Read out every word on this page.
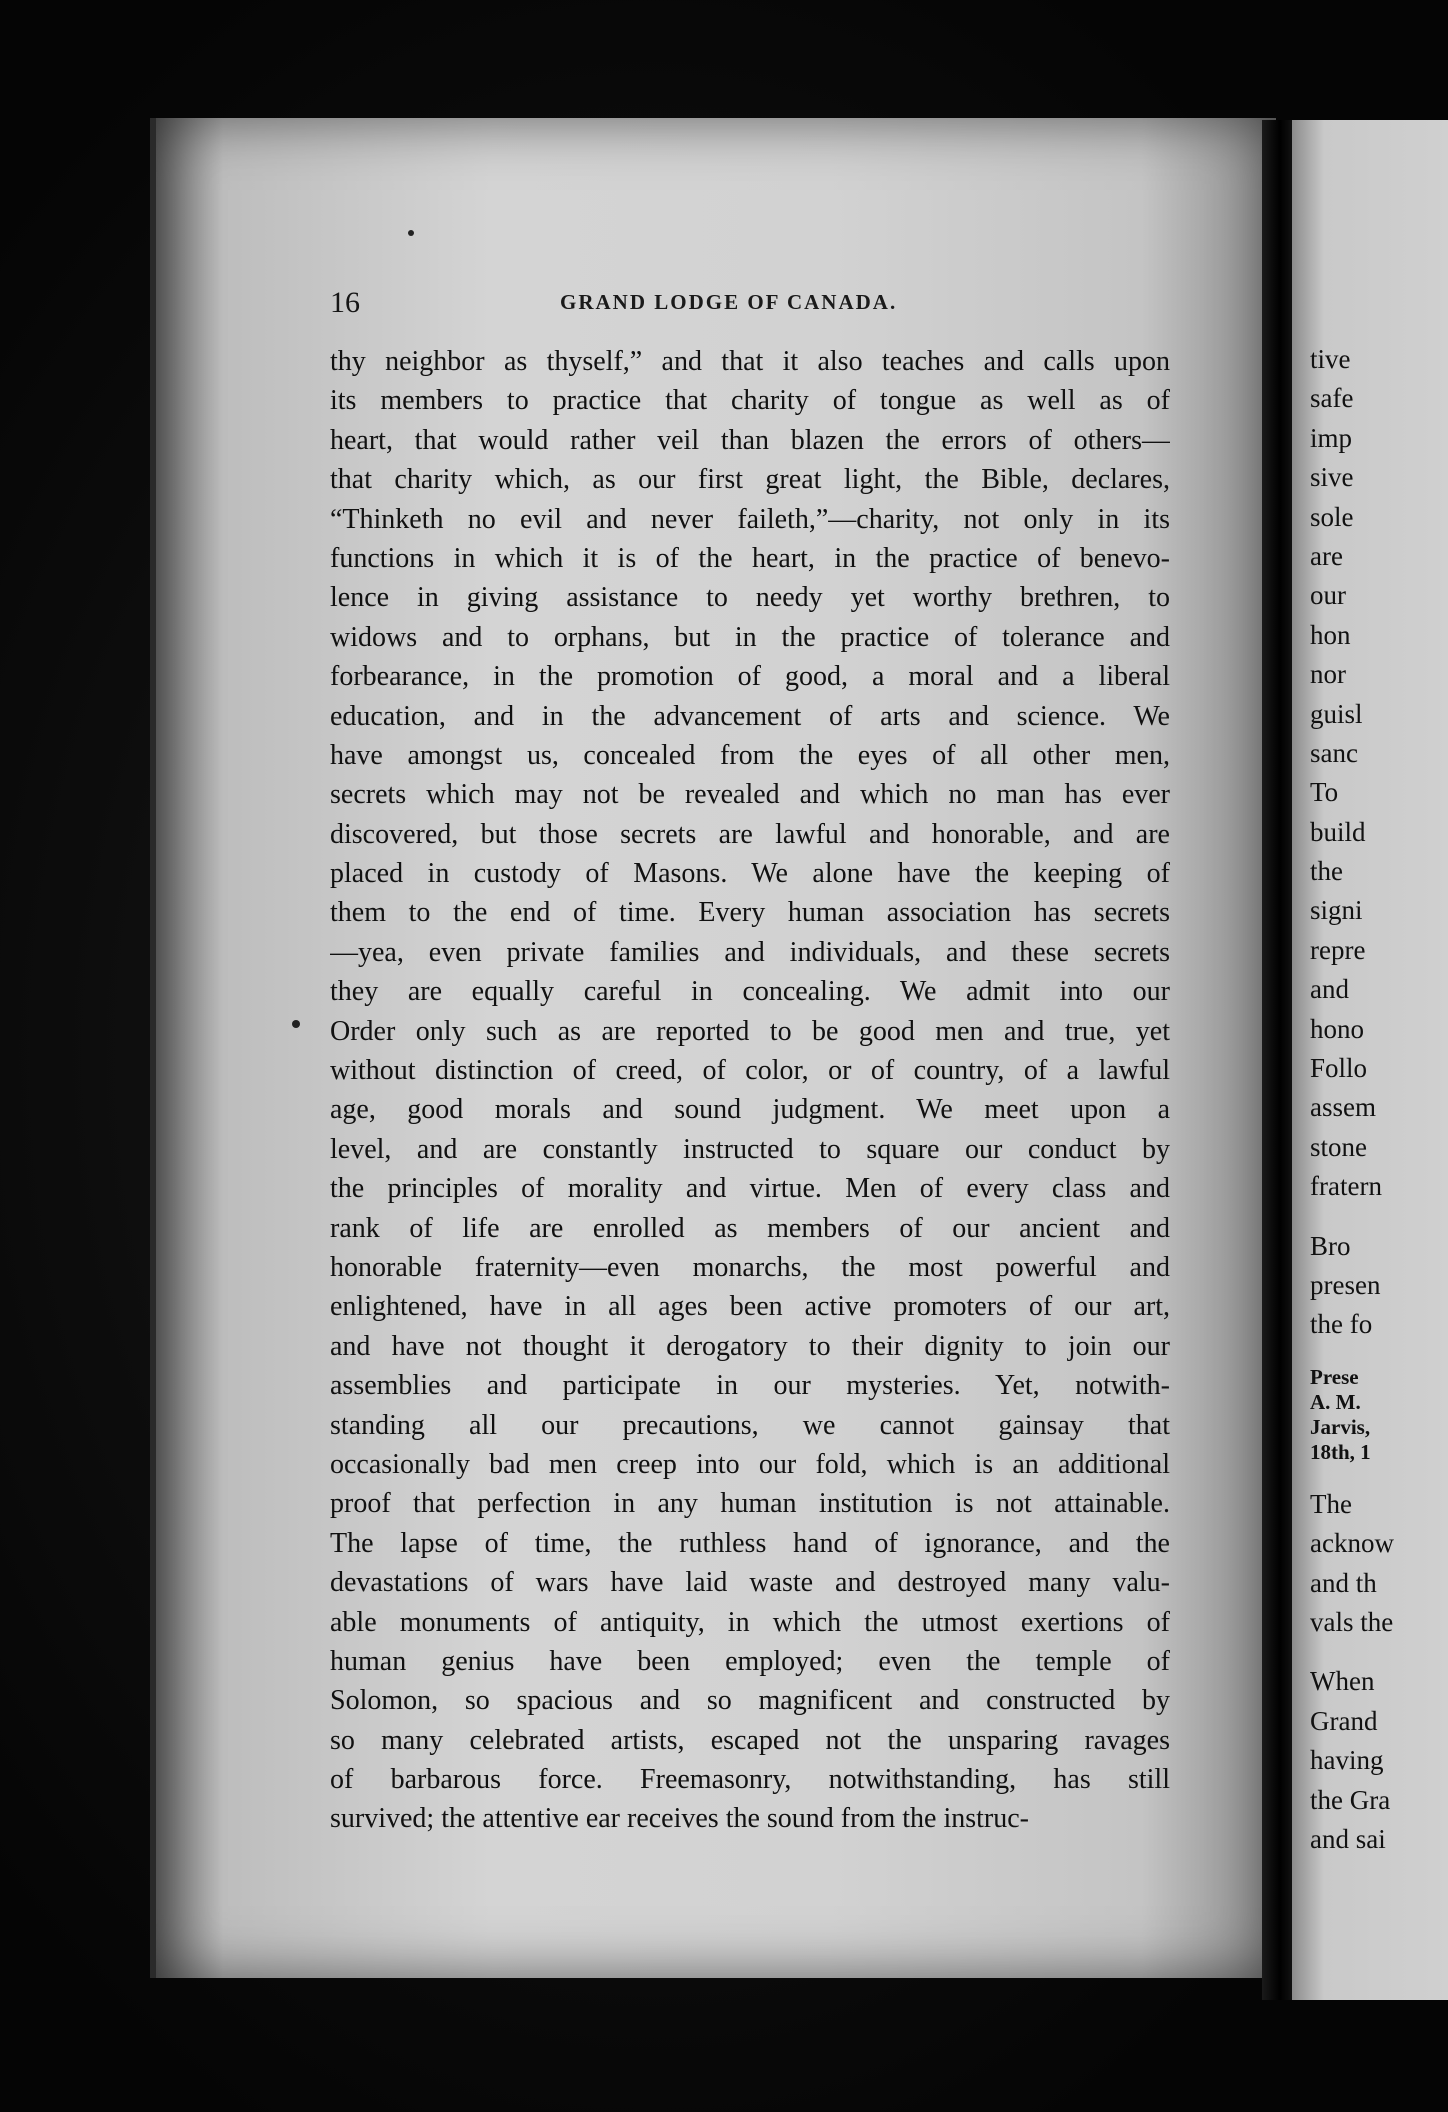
tive
safe
imp
sive
sole
are
our
hon
nor
guisl
sanc
To
build
the
signi
repre
and
hono
Follo
assem
stone
fratern
Bro
presen
the fo
Prese
A. M.
Jarvis,
18th, 1
The
acknow
and th
vals the
When
Grand
having
the Gra
and sai
16	GRAND LODGE OF CANADA.
thy neighbor as thyself,” and that it also teaches and calls upon
its members to practice that charity of tongue as well as of
heart, that would rather veil than blazen the errors of others—
that charity which, as our first great light, the Bible, declares,
“Thinketh no evil and never faileth,”—charity, not only in its
functions in which it is of the heart, in the practice of benevo-
lence in giving assistance to needy yet worthy brethren, to
widows and to orphans, but in the practice of tolerance and
forbearance, in the promotion of good, a moral and a liberal
education, and in the advancement of arts and science. We
have amongst us, concealed from the eyes of all other men,
secrets which may not be revealed and which no man has ever
discovered, but those secrets are lawful and honorable, and are
placed in custody of Masons. We alone have the keeping of
them to the end of time. Every human association has secrets
—yea, even private families and individuals, and these secrets
they are equally careful in concealing. We admit into our
Order only such as are reported to be good men and true, yet
without distinction of creed, of color, or of country, of a lawful
age, good morals and sound judgment. We meet upon a
level, and are constantly instructed to square our conduct by
the principles of morality and virtue. Men of every class and
rank of life are enrolled as members of our ancient and
honorable fraternity—even monarchs, the most powerful and
enlightened, have in all ages been active promoters of our art,
and have not thought it derogatory to their dignity to join our
assemblies and participate in our mysteries. Yet, notwith-
standing all our precautions, we cannot gainsay that
occasionally bad men creep into our fold, which is an additional
proof that perfection in any human institution is not attainable.
The lapse of time, the ruthless hand of ignorance, and the
devastations of wars have laid waste and destroyed many valu-
able monuments of antiquity, in which the utmost exertions of
human genius have been employed; even the temple of
Solomon, so spacious and so magnificent and constructed by
so many celebrated artists, escaped not the unsparing ravages
of barbarous force. Freemasonry, notwithstanding, has still
survived; the attentive ear receives the sound from the instruc-
